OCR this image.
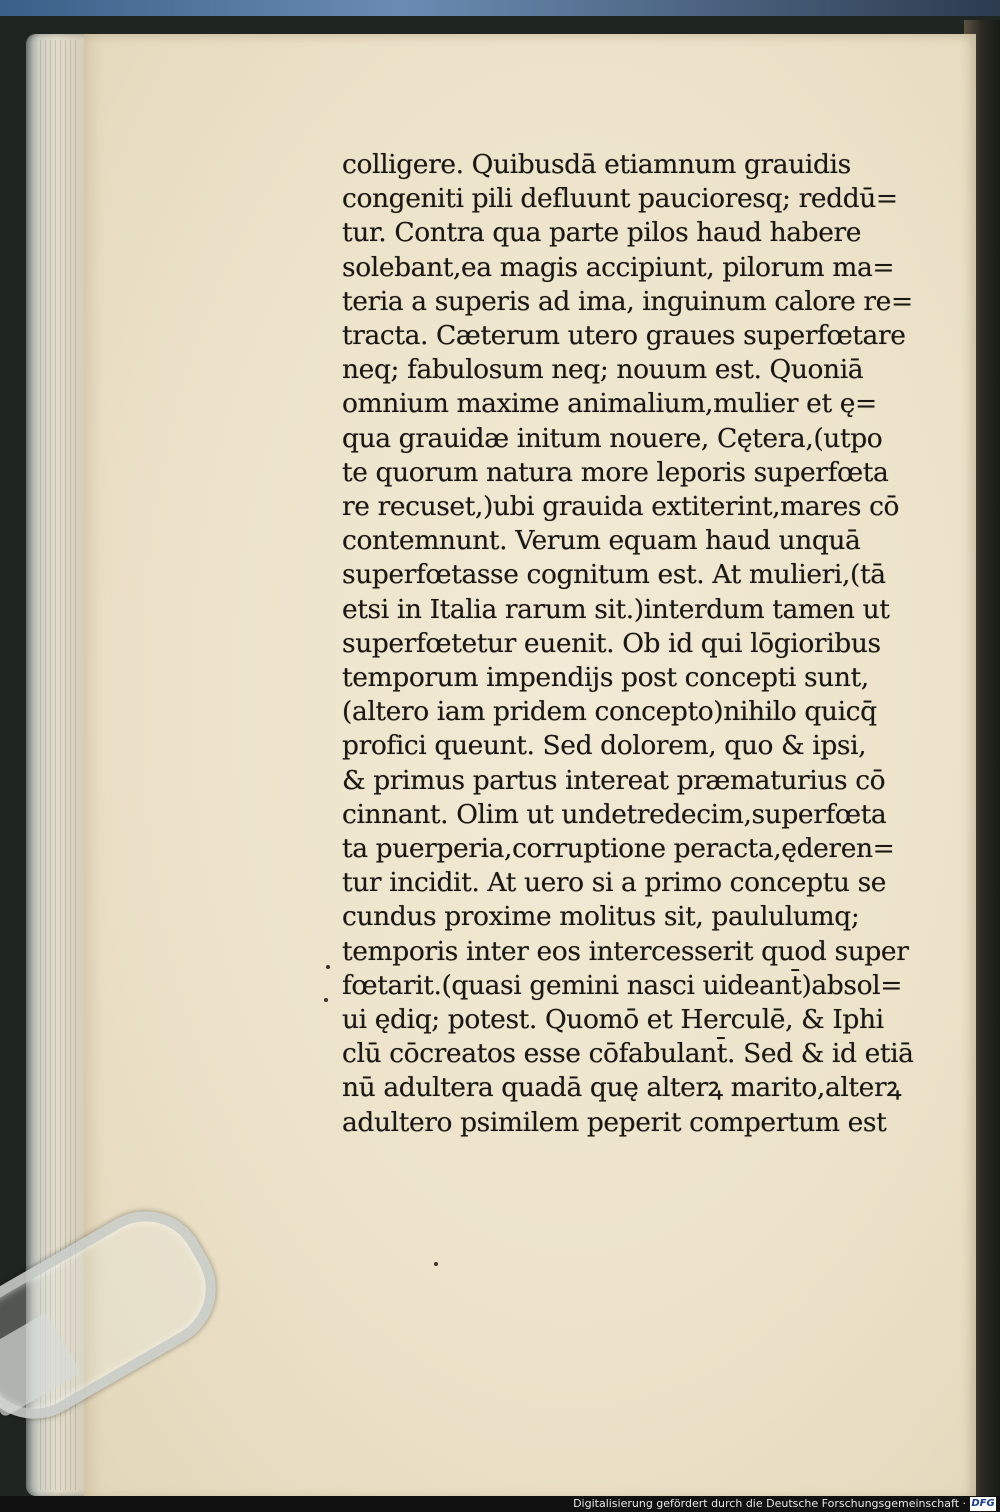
colligere. Quibusdā etiamnum grauidis
congeniti pili defluunt paucioresq; reddū=
tur. Contra qua parte pilos haud habere
solebant,ea magis accipiunt, pilorum ma=
teria a superis ad ima, inguinum calore re=
tracta. Cæterum utero graues superfœtare
neq; fabulosum neq; nouum est. Quoniā
omnium maxime animalium,mulier et ę=
qua grauidæ initum nouere, Cętera,(utpo
te quorum natura more leporis superfœta
re recuset,)ubi grauida extiterint,mares cō
contemnunt. Verum equam haud unquā
superfœtasse cognitum est. At mulieri,(tā
etsi in Italia rarum sit.)interdum tamen ut
superfœtetur euenit. Ob id qui lōgioribus
temporum impendijs post concepti sunt,
(altero iam pridem concepto)nihilo quicq̄
profici queunt. Sed dolorem, quo & ipsi,
& primus partus intereat præmaturius cō
cinnant. Olim ut undetredecim,superfœta
ta puerperia,corruptione peracta,ęderen=
tur incidit. At uero si a primo conceptu se
cundus proxime molitus sit, paululumq;
temporis inter eos intercesserit quod super
fœtarit.(quasi gemini nasci uideant̄)absol=
ui ędiq; potest. Quomō et Herculē, & Iphi
clū cōcreatos esse cōfabulant̄. Sed & id etiā
nū adultera quadā quę alterꝝ marito,alterꝝ
adultero psimilem peperit compertum est
Digitalisierung gefördert durch die Deutsche Forschungsgemeinschaft · DFG
